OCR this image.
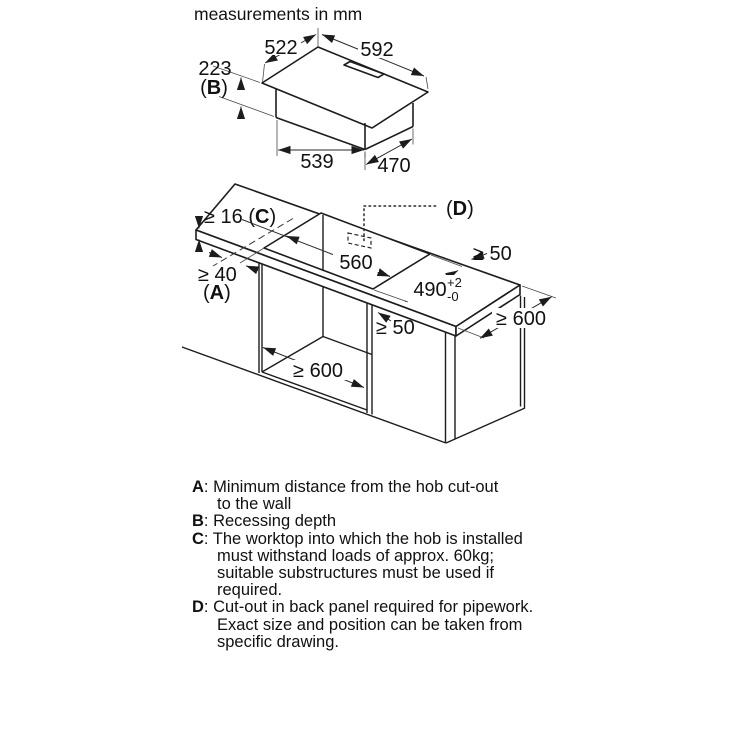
measurements in mm
522	592
223
(B)
539 470
(D)
≥ 16 (C)
≥ 40
(A)
560
490 +2
-0
≥ 50
≥ 600
≥ 50
≥ 600
A: Minimum distance from the hob cut-out
to the wall
B: Recessing depth
C: The worktop into which the hob is installed
must withstand loads of approx. 60kg;
suitable substructures must be used if
required.
D: Cut-out in back panel required for pipework.
Exact size and position can be taken from
specific drawing.
